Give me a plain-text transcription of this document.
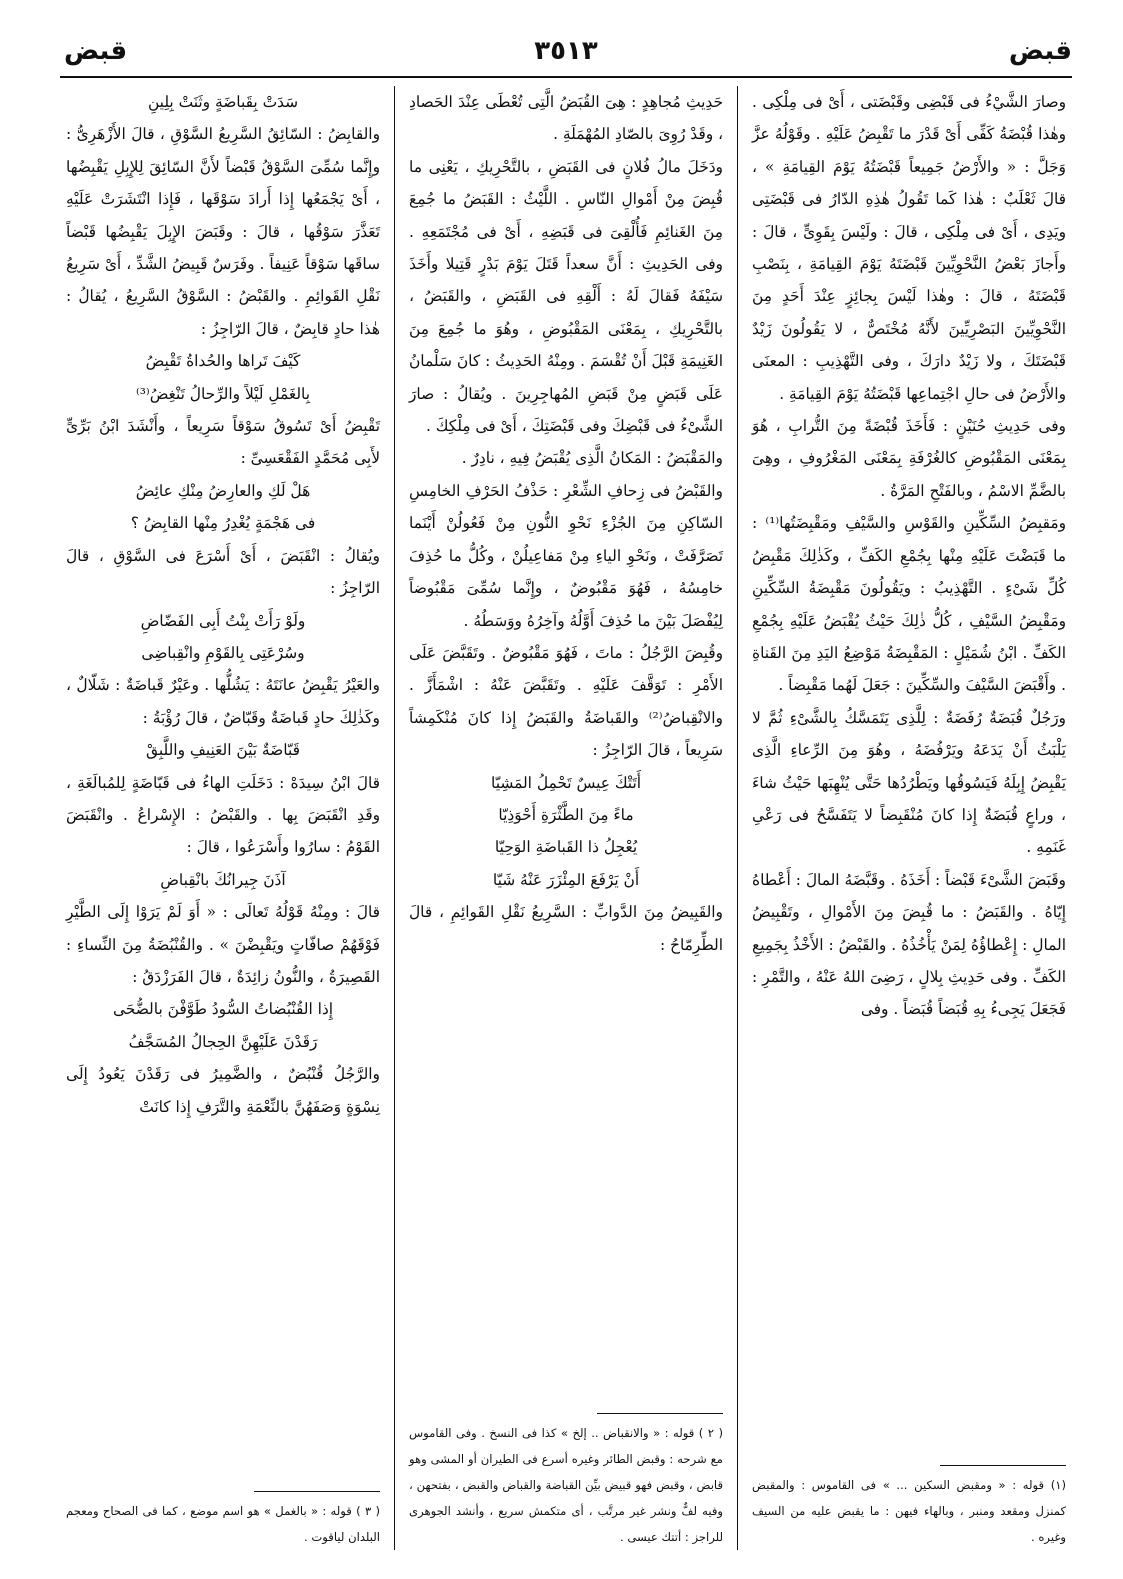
قبض
٣٥١٣
قبض

وصارَ الشَّيْءُ فى قَبْضِى وقَبْضَتى ، أَىْ فى مِلْكِى . وهٰذا قُبْضَةُ كَفِّى أَىْ قَدْرَ ما تَقْبِضُ عَلَيْهِ . وقَوْلُهُ عزَّ وَجَلَّ : « والأَرْضُ جَمِيعاً قَبْضَتُهُ يَوْمَ القِيامَةِ » ، قالَ ثَعْلَبٌ : هٰذا كَما تَقُولُ هٰذِهِ الدّارُ فى قَبْضَتِى ويَدِى ، أَىْ فى مِلْكِى ، قالَ : ولَيْسَ بِقَوِىٍّ ، قالَ : وأَجازَ بَعْضُ النَّحْوِيِّينَ قَبْضَتَهُ يَوْمَ القِيامَةِ ، بِنَصْبِ قَبْضَتَهُ ، قالَ : وهٰذا لَيْسَ بِجائِزٍ عِنْدَ أَحَدٍ مِنَ النَّحْوِيِّينَ البَصْرِيِّينَ لأَنَّهُ مُخْتَصٌّ ، لا يَقُولُونَ زَيْدٌ قَبْضَتَكَ ، ولا زَيْدٌ دارَكَ ، وفى التَّهْذِيبِ : المعنَى والأَرْضُ فى حالِ اجْتِماعِها قَبْضَتُهُ يَوْمَ القِيامَةِ .

وفى حَدِيثِ حُنَيْنٍ : فَأَخَذَ قُبْضَةً مِنَ التُّرابِ ، هُوَ بِمَعْنَى المَقْبُوضِ كالغُرْفَةِ بِمَعْنَى المَغْرُوفِ ، وهِىَ بالضَّمِّ الاسْمُ ، وبالفَتْحِ المَرَّةُ .

ومَقبِضُ السِّكِّينِ والقَوْسِ والسَّيْفِ ومَقْبِضَتُها⁽¹⁾ : ما قَبَضْتَ عَلَيْهِ مِنْها بِجُمْعِ الكَفِّ ، وكَذٰلِكَ مَقْبِضُ كُلِّ شَىْءٍ . التَّهْذِيبُ : ويَقُولُونَ مَقْبِضَةُ السِّكِّينِ ومَقْبِضُ السَّيْفِ ، كُلُّ ذٰلِكَ حَيْثُ يُقْبَضُ عَلَيْهِ بِجُمْعِ الكَفِّ . ابْنُ شُمَيْلٍ : المَقْبِضَةُ مَوْضِعُ اليَدِ مِنَ القَناةِ . وأَقْبَضَ السَّيْفَ والسِّكِّينَ : جَعَلَ لَهُما مَقْبِضاً .

ورَجُلٌ قُبَضَةٌ رُفَضَةٌ : لِلَّذِى يَتَمَسَّكُ بِالشَّىْءِ ثُمَّ لا يَلْبَثُ أَنْ يَدَعَهُ ويَرْفُضَهُ ، وهُوَ مِنَ الرِّعاءِ الَّذِى يَقْبِضُ إِبِلَهُ فَيَسُوقُها ويَطْرُدُها حَتَّى يُنْهِبَها حَيْثُ شاءَ ، وراعٍ قُبَضَةٌ إِذا كانَ مُنْقَبِضاً لا يَتَفَسَّحُ فى رَعْىِ غَنَمِهِ .

وقَبَضَ الشَّىْءَ قَبْضاً : أَخَذَهُ . وقَبَّضَهُ المالَ : أَعْطاهُ إِيّاهُ . والقَبَضُ : ما قُبِضَ مِنَ الأَمْوالِ ، وتَقْبِيضُ المالِ : إِعْطاؤُهُ لِمَنْ يَأْخُذُهُ . والقَبْضُ : الأَخْذُ بِجَمِيعِ الكَفِّ . وفى حَدِيثِ بِلالٍ ، رَضِىَ اللهُ عَنْهُ ، والتَّمْرِ : فَجَعَلَ يَجِىءُ بِهِ قُبَضاً قُبَضاً . وفى

(١) قوله : « ومقبض السكين ... » فى القاموس : والمقبض كمنزل ومقعد ومنبر ، وبالهاء فيهن : ما يقبض عليه من السيف وغيره .

حَدِيثِ مُجاهِدٍ : هِىَ القُبَضُ الَّتِى تُعْطَى عِنْدَ الحَصادِ ، وقَدْ رُوِىَ بالصّادِ المُهْمَلَةِ .

ودَخَلَ مالُ فُلانٍ فى القَبَضِ ، بالتَّحْرِيكِ ، يَعْنِى ما قُبِضَ مِنْ أَمْوالِ النّاسِ . اللَّيْثُ : القَبَضُ ما جُمِعَ مِنَ الغَنائِمِ فَأُلْقِىَ فى قَبَضِهِ ، أَىْ فى مُجْتَمَعِهِ . وفى الحَدِيثِ : أَنَّ سعداً قَتَلَ يَوْمَ بَدْرٍ قَتِيلا وأَخَذَ سَيْفَهُ فَقالَ لَهُ : أَلْقِهِ فى القَبَضِ ، والقَبَضُ ، بالتَّحْرِيكِ ، بِمَعْنَى المَقْبُوضِ ، وهُوَ ما جُمِعَ مِنَ الغَنِيمَةِ قَبْلَ أَنْ تُقْسَمَ . ومِنْهُ الحَدِيثُ : كانَ سَلْمانُ عَلَى قَبَضٍ مِنْ قَبَضِ المُهاجِرِينَ . ويُقالُ : صارَ الشَّىْءُ فى قَبْضِكَ وفى قَبْضَتِكَ ، أَىْ فى مِلْكِكَ .

والمَقْبَضُ : المَكانُ الَّذِى يُقْبَضُ فِيهِ ، نادِرٌ .

والقَبْضُ فى زِحافِ الشِّعْرِ : حَذْفُ الحَرْفِ الخامِسِ السّاكِنِ مِنَ الجُزْءِ نَحْوِ النُّونِ مِنْ فَعُولُنْ أَيْنَما تَصَرَّفَتْ ، ونَحْوِ الياءِ مِنْ مَفاعِيلُنْ ، وكُلُّ ما حُذِفَ خامِسُهُ ، فَهُوَ مَقْبُوضٌ ، وإِنَّما سُمِّىَ مَقْبُوضاً لِيُفْصَلَ بَيْنَ ما حُذِفَ أَوَّلُهُ وآخِرُهُ ووَسَطُهُ .

وقُبِضَ الرَّجُلُ : ماتَ ، فَهُوَ مَقْبُوضٌ . وتَقَبَّضَ عَلَى الأَمْرِ : تَوَقَّفَ عَلَيْهِ . وتَقَبَّضَ عَنْهُ : اشْمَأَزَّ . والانْقِباضُ⁽²⁾ والقَباضَةُ والقَبَضُ إِذا كانَ مُنْكَمِشاً سَرِيعاً ، قالَ الرّاجِزُ :

أَتَتْكَ عِيسٌ تَحْمِلُ المَشِيّا

ماءً مِنَ الطَّثْرَةِ أَحْوَذِيّا

يُعْجِلُ ذا القَباضَةِ الوَحِيّا

أَنْ يَرْفَعَ المِئْزَرَ عَنْهُ شَيّا

والقَبِيضُ مِنَ الدَّوابِّ : السَّرِيعُ نَقْلِ القَوائِمِ ، قالَ الطِّرِمّاحُ :

( ٢ ) قوله : « والانقباض .. إلخ » كذا فى النسخ . وفى القاموس مع شرحه : وقبض الطائر وغيره أسرع فى الطيران أو المشى وهو قابض ، وقبض فهو قبيض بيِّن القباضة والقباض والقبض ، بفتحهن ، وفيه لفٌّ ونشر غير مرتَّب ، أى متكمش سريع ، وأنشد الجوهرى للراجز : أتتك عيسى .

سَدَتْ بِقَباضَةٍ وثَنَتْ بِلِينِ

والقابِضُ : السّائِقُ السَّرِيعُ السَّوْقِ ، قالَ الأَزْهَرِىُّ : وإِنَّما سُمِّىَ السَّوْقُ قَبْضاً لأَنَّ السّائِقَ لِلإِبِلِ يَقْبِضُها ، أَىْ يَجْمَعُها إِذا أَرادَ سَوْقَها ، فَإِذا انْتَشَرَتْ عَلَيْهِ تَعَذَّرَ سَوْقُها ، قالَ : وقَبَضَ الإِبِلَ يَقْبِضُها قَبْضاً ساقَها سَوْقاً عَنِيفاً . وفَرَسٌ قَبِيضُ الشَّدِّ ، أَىْ سَرِيعُ نَقْلِ القَوائِمِ . والقَبْضُ : السَّوْقُ السَّرِيعُ ، يُقالُ : هٰذا حادٍ قابِضٌ ، قالَ الرّاجِزُ :

كَيْفَ تَراها والحُداةُ تَقْبِضُ

بِالغَمْلِ لَيْلاً والرِّحالُ تَنْغِضُ⁽³⁾

تَقْبِضُ أَىْ تَسُوقُ سَوْقاً سَرِيعاً ، وأَنْشَدَ ابْنُ بَرِّىٍّ لأَبِى مُحَمَّدٍ الفَقْعَسِىِّ :

هَلْ لَكِ والعارِضُ مِنْكِ عائِضُ

فى هَجْمَةٍ يُغْدِرُ مِنْها القابِضُ ؟

ويُقالُ : انْقَبَضَ ، أَىْ أَسْرَعَ فى السَّوْقِ ، قالَ الرّاجِزُ :

ولَوْ رَأَتْ بِنْتُ أَبِى الفَضّاضِ

وسُرْعَتِى بِالقَوْمِ وانْقِباضِى

والعَيْرُ يَقْبِضُ عانَتَهُ : يَشُلُّها . وعَيْرٌ قَباضَةٌ : شَلّالٌ ، وكَذٰلِكَ حادٍ قَباضَةٌ وقَبّاضٌ ، قالَ رُؤْبَةُ :

قَبّاضَةٌ بَيْنَ العَنِيفِ واللَّبِقْ

قالَ ابْنُ سِيدَهْ : دَخَلَتِ الهاءُ فى قَبّاضَةٍ لِلمُبالَغَةِ ، وقَدِ انْقَبَضَ بِها . والقَبْضُ : الإِسْراعُ . وانْقَبَضَ القَوْمُ : سارُوا وأَسْرَعُوا ، قالَ :

آذَنَ جِيرانُكَ بانْقِباضِ

قالَ : ومِنْهُ قَوْلُهُ تَعالَى : « أَوَ لَمْ يَرَوْا إِلَى الطَّيْرِ فَوْقَهُمْ صافّاتٍ ويَقْبِضْنَ » . والقُنْبُضَةُ مِنَ النِّساءِ : القَصِيرَةُ ، والنُّونُ زائِدَةٌ ، قالَ الفَرَزْدَقُ :

إِذا القُنْبُضاتُ السُّودُ طَوَّفْنَ بالضُّحَى

رَقَدْنَ عَلَيْهِنَّ الحِجالُ المُسَجَّفُ

والرَّجُلُ قُنْبُضٌ ، والضَّمِيرُ فى رَقَدْنَ يَعُودُ إِلَى نِسْوَةٍ وَصَفَهُنَّ بالنِّعْمَةِ والتَّرَفِ إِذا كانَتْ

( ٣ ) قوله : « بالغمل » هو اسم موضع ، كما فى الصحاح ومعجم البلدان لياقوت .
